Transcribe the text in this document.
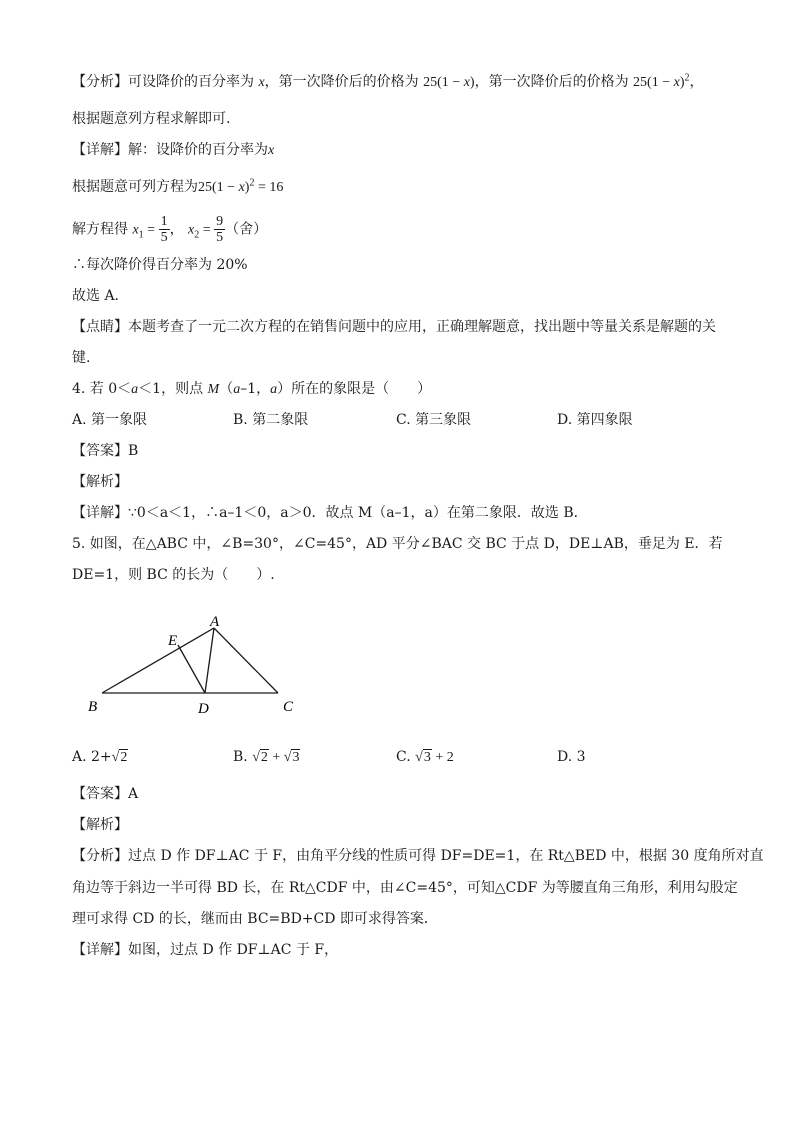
【分析】可设降价的百分率为 x，第一次降价后的价格为 25(1 − x)，第一次降价后的价格为 $25(1 - x)^2$，
根据题意列方程求解即可.
【详解】解：设降价的百分率为x
根据题意可列方程为$25(1 - x)^2 = 16$
解方程得 $x_1 = \frac{1}{5}$ ， $x_2 = \frac{9}{5}$ （舍）
∴每次降价得百分率为 20%
故选 A．
【点睛】本题考查了一元二次方程的在销售问题中的应用，正确理解题意，找出题中等量关系是解题的关
键.
4. 若 0＜a＜1，则点 M（a–1，a）所在的象限是（　　）
A. 第一象限	B. 第二象限	C. 第三象限	D. 第四象限
【答案】B
【解析】
【详解】∵0＜a＜1，∴a–1＜0，a＞0．故点 M（a–1，a）在第二象限．故选 B．
5. 如图，在△ABC 中，∠B=30°，∠C=45°，AD 平分∠BAC 交 BC 于点 D，DE⊥AB，垂足为 E．若
DE=1，则 BC 的长为（　　）.
A
B	C
D
E
A. 2+√2	B. √2 + √3	C. √3 + 2	D. 3
【答案】A
【解析】
【分析】过点 D 作 DF⊥AC 于 F，由角平分线的性质可得 DF=DE=1，在 Rt△BED 中，根据 30 度角所对直
角边等于斜边一半可得 BD 长，在 Rt△CDF 中，由∠C=45°，可知△CDF 为等腰直角三角形，利用勾股定
理可求得 CD 的长，继而由 BC=BD+CD 即可求得答案．
【详解】如图，过点 D 作 DF⊥AC 于 F，
